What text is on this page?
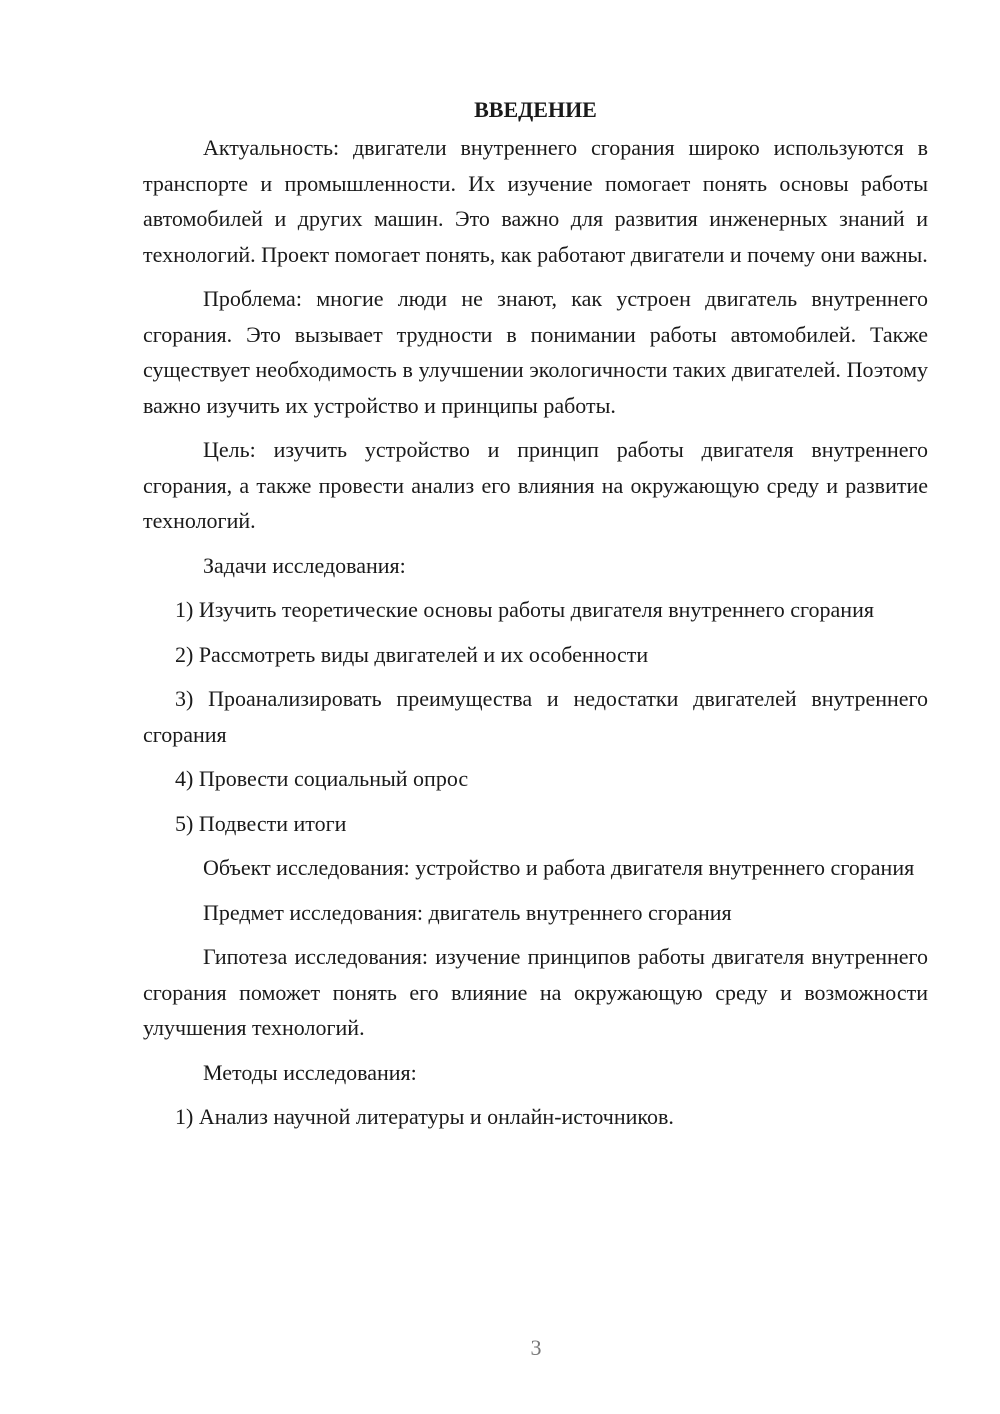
ВВЕДЕНИЕ

Актуальность: двигатели внутреннего сгорания широко используются в транспорте и промышленности. Их изучение помогает понять основы работы автомобилей и других машин. Это важно для развития инженерных знаний и технологий. Проект помогает понять, как работают двигатели и почему они важны.

Проблема: многие люди не знают, как устроен двигатель внутреннего сгорания. Это вызывает трудности в понимании работы автомобилей. Также существует необходимость в улучшении экологичности таких двигателей. Поэтому важно изучить их устройство и принципы работы.

Цель: изучить устройство и принцип работы двигателя внутреннего сгорания, а также провести анализ его влияния на окружающую среду и развитие технологий.

Задачи исследования:

1) Изучить теоретические основы работы двигателя внутреннего сгорания

2) Рассмотреть виды двигателей и их особенности

3) Проанализировать преимущества и недостатки двигателей внутреннего сгорания

4) Провести социальный опрос

5) Подвести итоги

Объект исследования: устройство и работа двигателя внутреннего сгорания

Предмет исследования: двигатель внутреннего сгорания

Гипотеза исследования: изучение принципов работы двигателя внутреннего сгорания поможет понять его влияние на окружающую среду и возможности улучшения технологий.

Методы исследования:

1) Анализ научной литературы и онлайн-источников.

3
